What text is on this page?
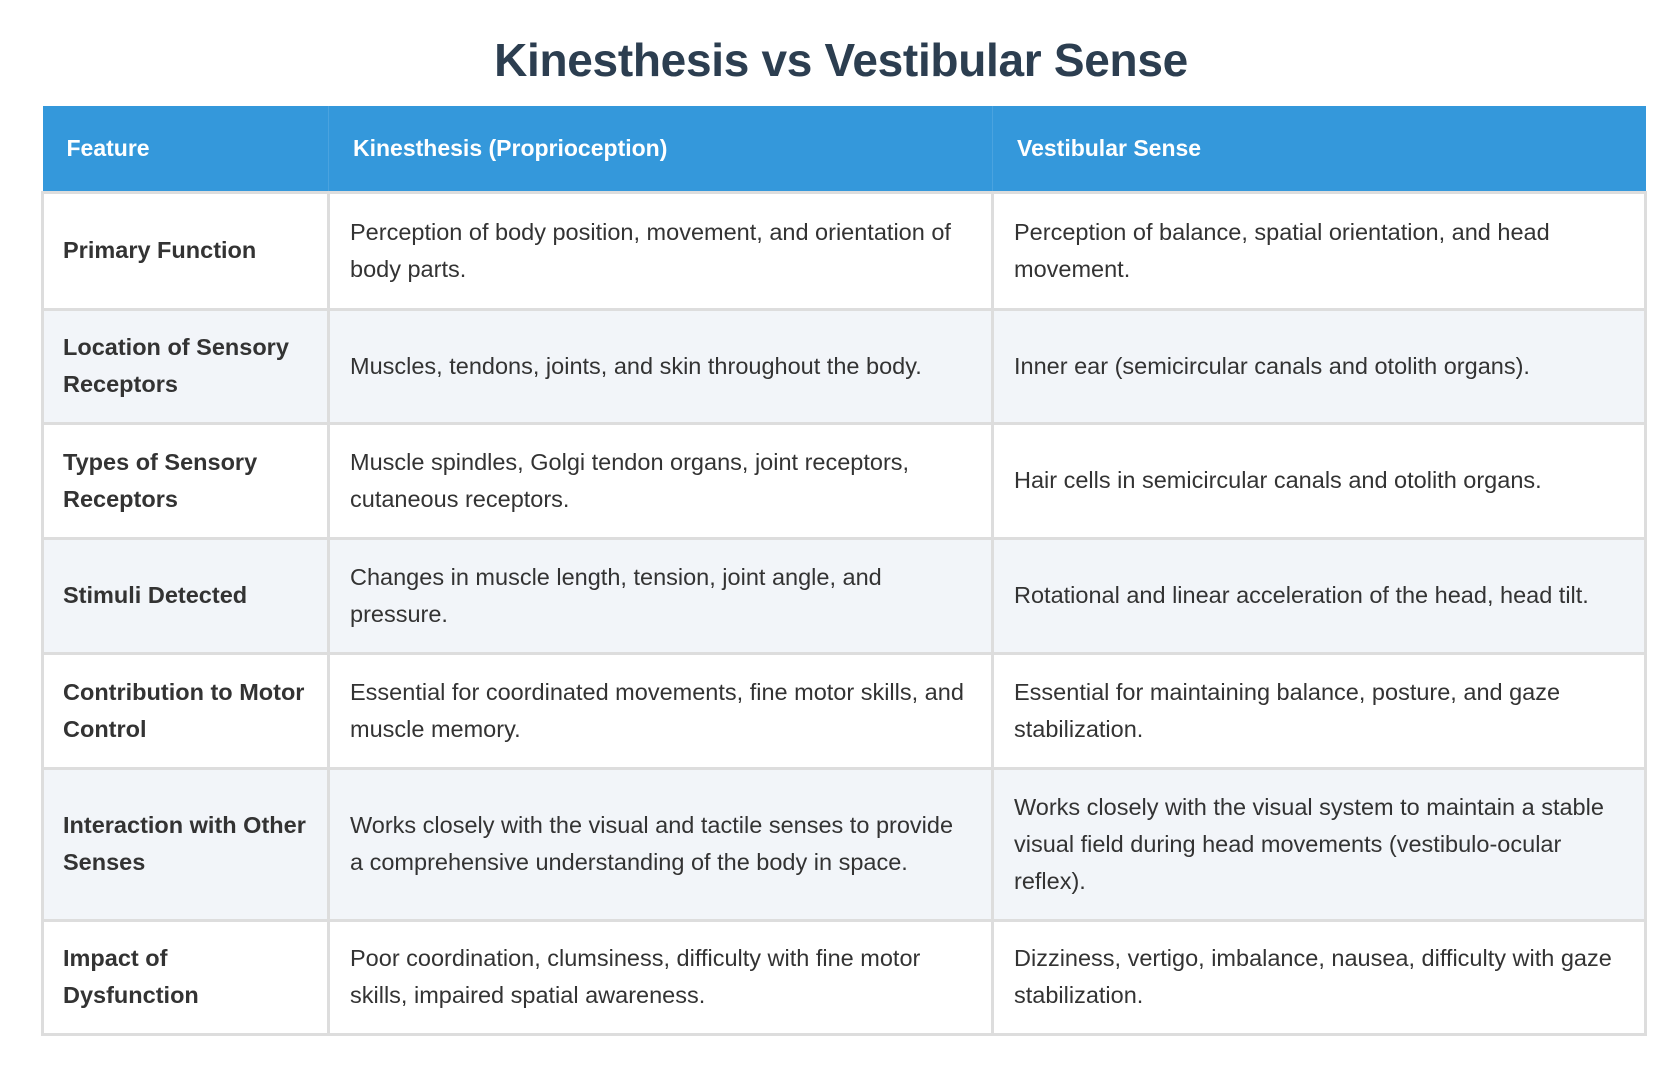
Kinesthesis vs Vestibular Sense
Feature	Kinesthesis (Proprioception)	Vestibular Sense
Primary Function	Perception of body position, movement, and orientation of body parts.	Perception of balance, spatial orientation, and head movement.
Location of Sensory Receptors	Muscles, tendons, joints, and skin throughout the body.	Inner ear (semicircular canals and otolith organs).
Types of Sensory Receptors	Muscle spindles, Golgi tendon organs, joint receptors, cutaneous receptors.	Hair cells in semicircular canals and otolith organs.
Stimuli Detected	Changes in muscle length, tension, joint angle, and pressure.	Rotational and linear acceleration of the head, head tilt.
Contribution to Motor Control	Essential for coordinated movements, fine motor skills, and muscle memory.	Essential for maintaining balance, posture, and gaze stabilization.
Interaction with Other Senses	Works closely with the visual and tactile senses to provide a comprehensive understanding of the body in space.	Works closely with the visual system to maintain a stable visual field during head movements (vestibulo-ocular reflex).
Impact of Dysfunction	Poor coordination, clumsiness, difficulty with fine motor skills, impaired spatial awareness.	Dizziness, vertigo, imbalance, nausea, difficulty with gaze stabilization.
